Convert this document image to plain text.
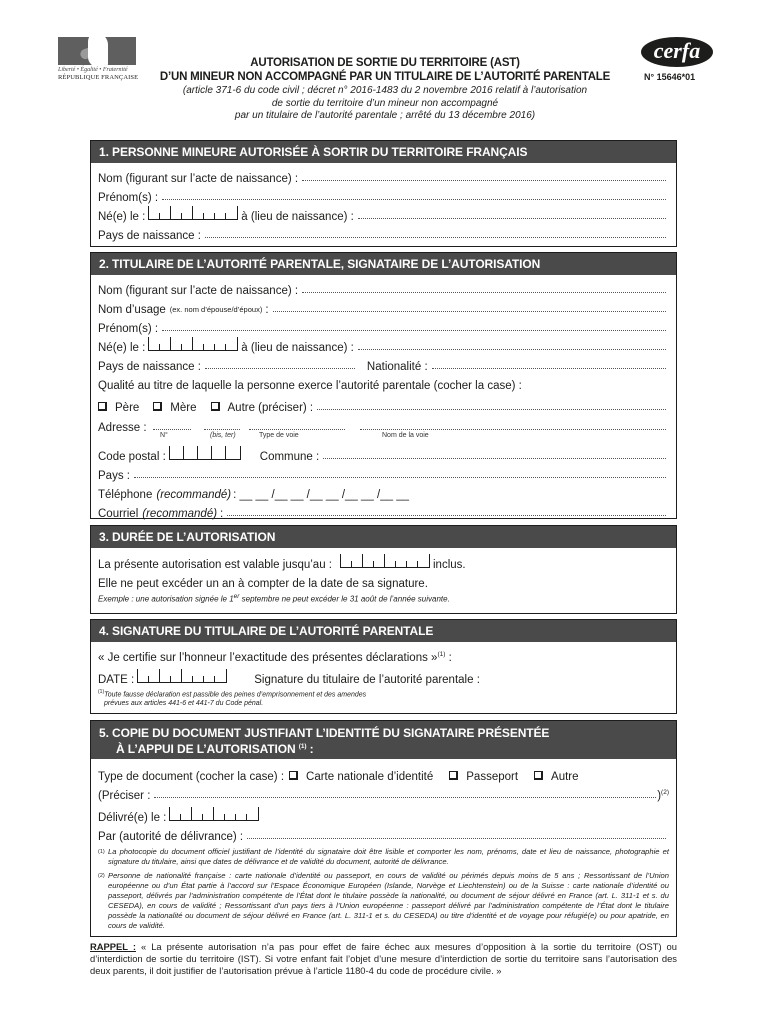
Liberté • Égalité • Fraternité
RÉPUBLIQUE FRANÇAISE
AUTORISATION DE SORTIE DU TERRITOIRE (AST)
D’UN MINEUR NON ACCOMPAGNÉ PAR UN TITULAIRE DE L’AUTORITÉ PARENTALE
(article 371-6 du code civil ; décret n° 2016-1483 du 2 novembre 2016 relatif à l’autorisation
de sortie du territoire d’un mineur non accompagné
par un titulaire de l’autorité parentale ; arrêté du 13 décembre 2016)
cerfa
N° 15646*01
1. PERSONNE MINEURE AUTORISÉE À SORTIR DU TERRITOIRE FRANÇAIS
Nom (figurant sur l’acte de naissance) :
Prénom(s) :
Né(e) le :	à (lieu de naissance) :
Pays de naissance :
2. TITULAIRE DE L’AUTORITÉ PARENTALE, SIGNATAIRE DE L’AUTORISATION
Nom (figurant sur l’acte de naissance) :
Nom d’usage (ex. nom d’épouse/d’époux) :
Prénom(s) :
Né(e) le :	à (lieu de naissance) :
Pays de naissance :	Nationalité :
Qualité au titre de laquelle la personne exerce l’autorité parentale (cocher la case) :
Père	Mère	Autre (préciser) :
Adresse :
N°	(bis, ter)	Type de voie	Nom de la voie
Code postal :	Commune :
Pays :
Téléphone (recommandé) : __ __ /__ __ /__ __ /__ __ /__ __
Courriel (recommandé) :
3. DURÉE DE L’AUTORISATION
La présente autorisation est valable jusqu’au :	inclus.
Elle ne peut excéder un an à compter de la date de sa signature.
Exemple : une autorisation signée le 1er septembre ne peut excéder le 31 août de l’année suivante.
4. SIGNATURE DU TITULAIRE DE L’AUTORITÉ PARENTALE
« Je certifie sur l’honneur l’exactitude des présentes déclarations »$^{(1)}$ :
DATE :	Signature du titulaire de l’autorité parentale :
$^{(1)}$Toute fausse déclaration est passible des peines d’emprisonnement et des amendes
prévues aux articles 441-6 et 441-7 du Code pénal.
5. COPIE DU DOCUMENT JUSTIFIANT L’IDENTITÉ DU SIGNATAIRE PRÉSENTÉE
À L’APPUI DE L’AUTORISATION $^{(1)}$ :
Type de document (cocher la case) : Carte nationale d’identité	Passeport	Autre
(Préciser :	)$^{(2)}$
Délivré(e) le :
Par (autorité de délivrance) :
(1) La photocopie du document officiel justifiant de l’identité du signataire doit être lisible et comporter les nom, prénoms, date et lieu de naissance, photographie et signature du titulaire, ainsi que dates de délivrance et de validité du document, autorité de délivrance.
(2) Personne de nationalité française : carte nationale d’identité ou passeport, en cours de validité ou périmés depuis moins de 5 ans ; Ressortissant de l’Union européenne ou d’un État partie à l’accord sur l’Espace Économique Européen (Islande, Norvège et Liechtenstein) ou de la Suisse : carte nationale d’identité ou passeport, délivrés par l’administration compétente de l’État dont le titulaire possède la nationalité, ou document de séjour délivré en France (art. L. 311-1 et s. du CESEDA), en cours de validité ; Ressortissant d’un pays tiers à l’Union européenne : passeport délivré par l’administration compétente de l’État dont le titulaire possède la nationalité ou document de séjour délivré en France (art. L. 311-1 et s. du CESEDA) ou titre d’identité et de voyage pour réfugié(e) ou pour apatride, en cours de validité.
RAPPEL : « La présente autorisation n’a pas pour effet de faire échec aux mesures d’opposition à la sortie du territoire (OST) ou d’interdiction de sortie du territoire (IST). Si votre enfant fait l’objet d’une mesure d’interdiction de sortie du territoire sans l’autorisation des deux parents, il doit justifier de l’autorisation prévue à l’article 1180-4 du code de procédure civile. »
